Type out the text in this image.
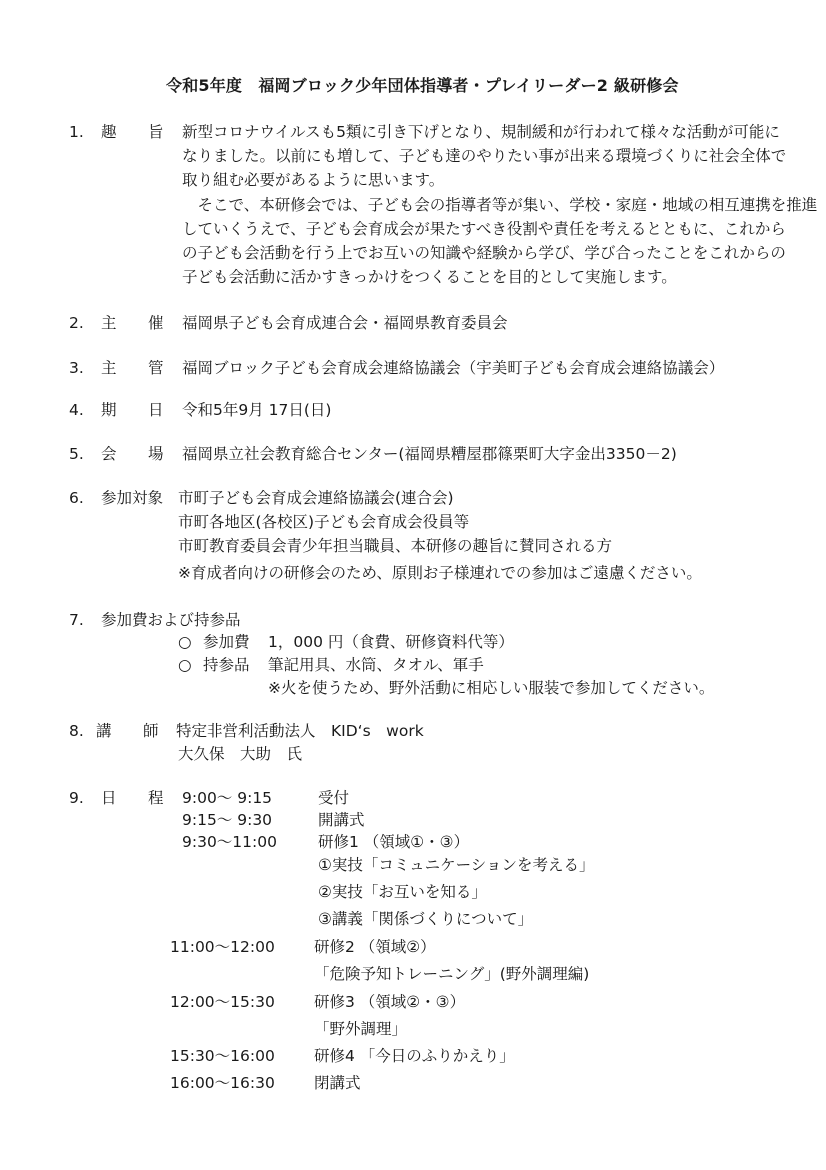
令和5年度　福岡ブロック少年団体指導者・プレイリーダー2 級研修会
1. 趣 旨 新型コロナウイルスも5類に引き下げとなり、規制緩和が行われて様々な活動が可能に
なりました。以前にも増して、子ども達のやりたい事が出来る環境づくりに社会全体で
取り組む必要があるように思います。
　そこで、本研修会では、子ども会の指導者等が集い、学校・家庭・地域の相互連携を推進
していくうえで、子ども会育成会が果たすべき役割や責任を考えるとともに、これから
の子ども会活動を行う上でお互いの知識や経験から学び、学び合ったことをこれからの
子ども会活動に活かすきっかけをつくることを目的として実施します。
2. 主 催 福岡県子ども会育成連合会・福岡県教育委員会
3. 主 管 福岡ブロック子ども会育成会連絡協議会（宇美町子ども会育成会連絡協議会）
4. 期 日 令和5年9月 17日(日)
5. 会 場 福岡県立社会教育総合センター(福岡県糟屋郡篠栗町大字金出3350－2)
6. 参加対象 市町子ども会育成会連絡協議会(連合会)
市町各地区(各校区)子ども会育成会役員等
市町教育委員会青少年担当職員、本研修の趣旨に賛同される方
※育成者向けの研修会のため、原則お子様連れでの参加はご遠慮ください。
7. 参加費および持参品
○ 参加費 1，000 円（食費、研修資料代等）
○ 持参品 筆記用具、水筒、タオル、軍手
※火を使うため、野外活動に相応しい服装で参加してください。
8. 講 師 特定非営利活動法人　KID‘s　work
大久保　大助　氏
9. 日 程 9:00～ 9:15	受付
9:15～ 9:30	開講式
9:30～11:00	研修1 （領域①・③）
①実技「コミュニケーションを考える」
②実技「お互いを知る」
③講義「関係づくりについて」
11:00～12:00	研修2 （領域②）
「危険予知トレーニング」(野外調理編)
12:00～15:30	研修3 （領域②・③）
「野外調理」
15:30～16:00	研修4 「今日のふりかえり」
16:00～16:30	閉講式
